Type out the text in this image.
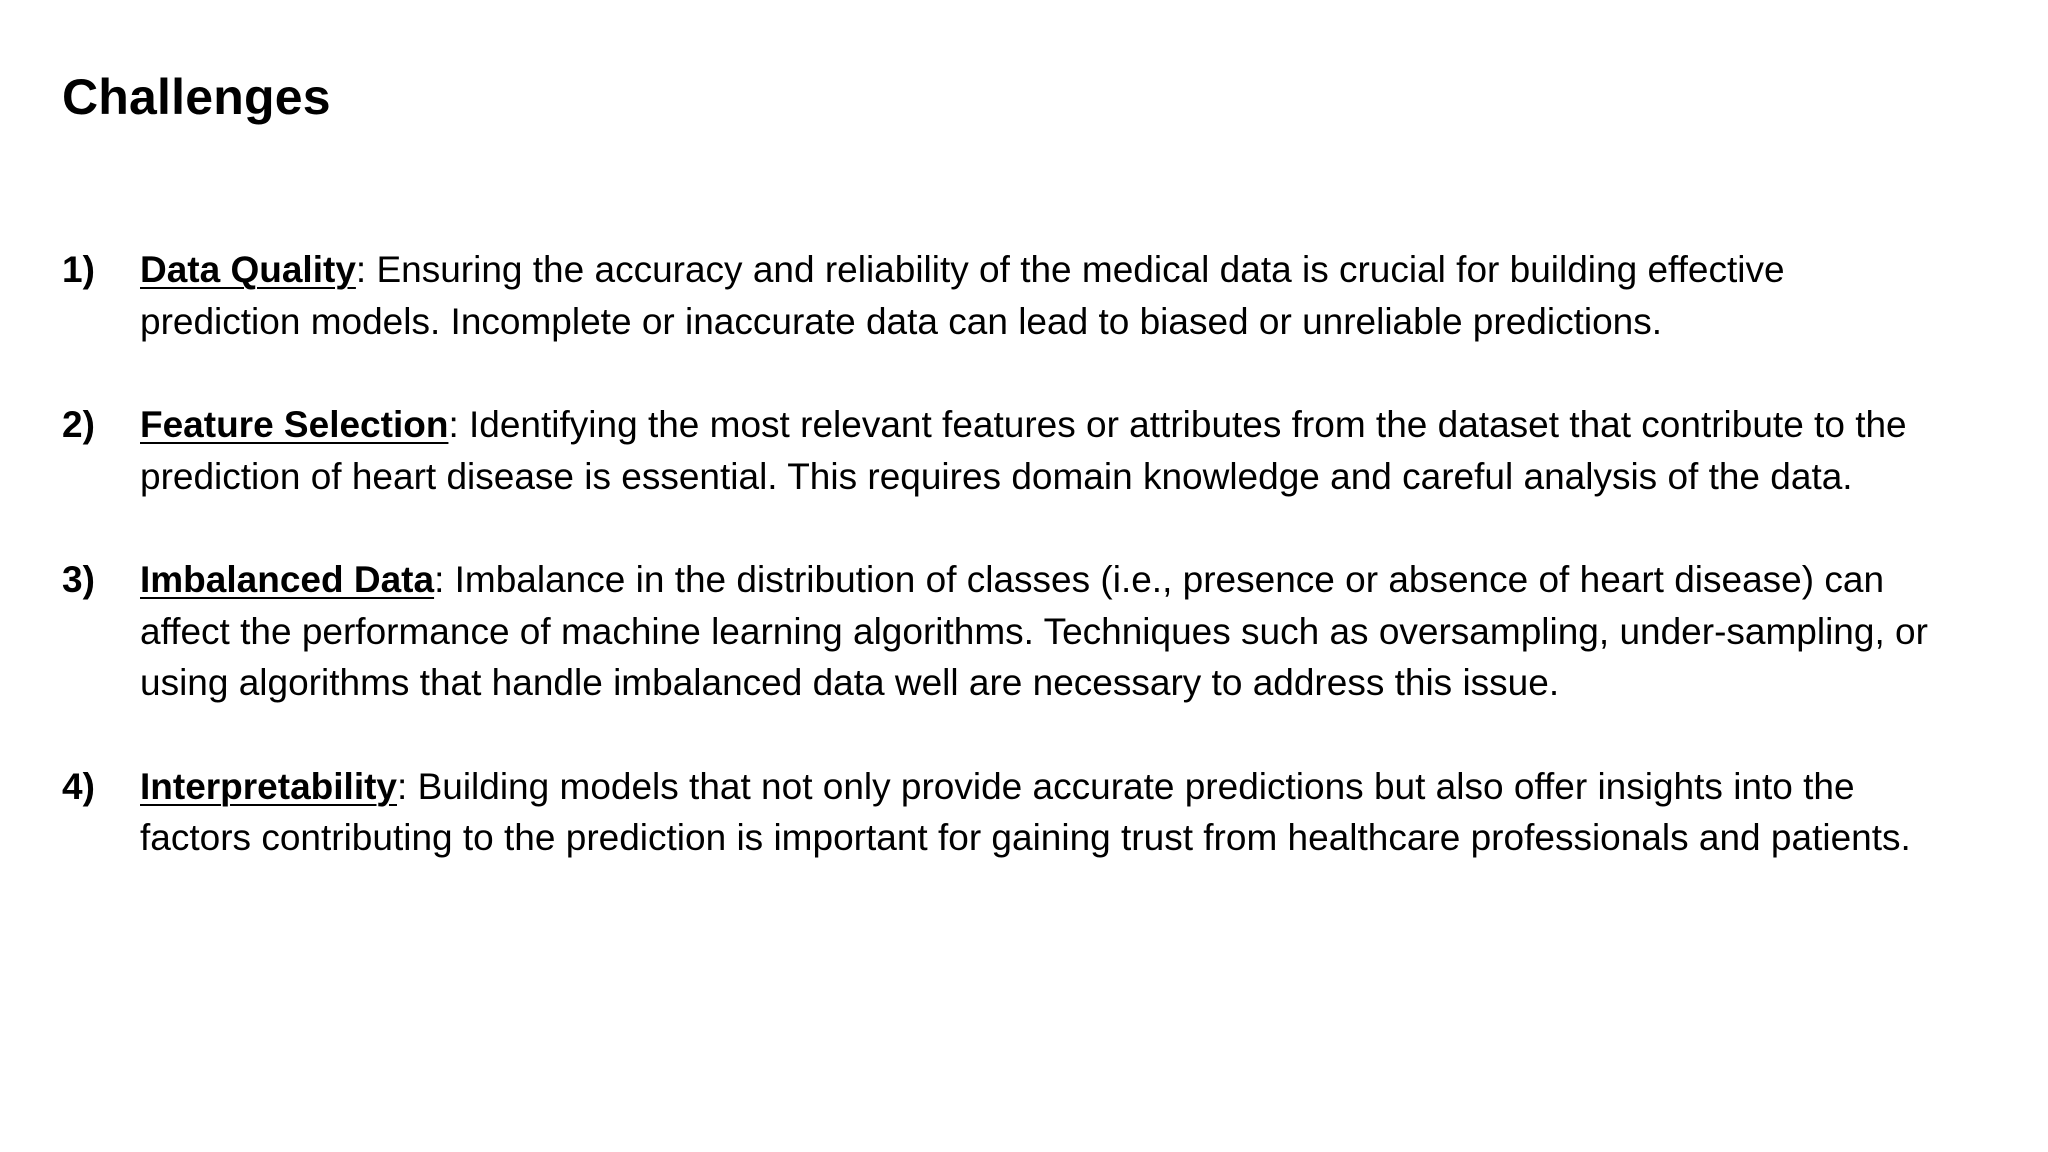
Challenges
1)	Data Quality: Ensuring the accuracy and reliability of the medical data is crucial for building effective prediction models. Incomplete or inaccurate data can lead to biased or unreliable predictions.
2)	Feature Selection: Identifying the most relevant features or attributes from the dataset that contribute to the prediction of heart disease is essential. This requires domain knowledge and careful analysis of the data.
3)	Imbalanced Data: Imbalance in the distribution of classes (i.e., presence or absence of heart disease) can affect the performance of machine learning algorithms. Techniques such as oversampling, under-sampling, or using algorithms that handle imbalanced data well are necessary to address this issue.
4)	Interpretability: Building models that not only provide accurate predictions but also offer insights into the factors contributing to the prediction is important for gaining trust from healthcare professionals and patients.
